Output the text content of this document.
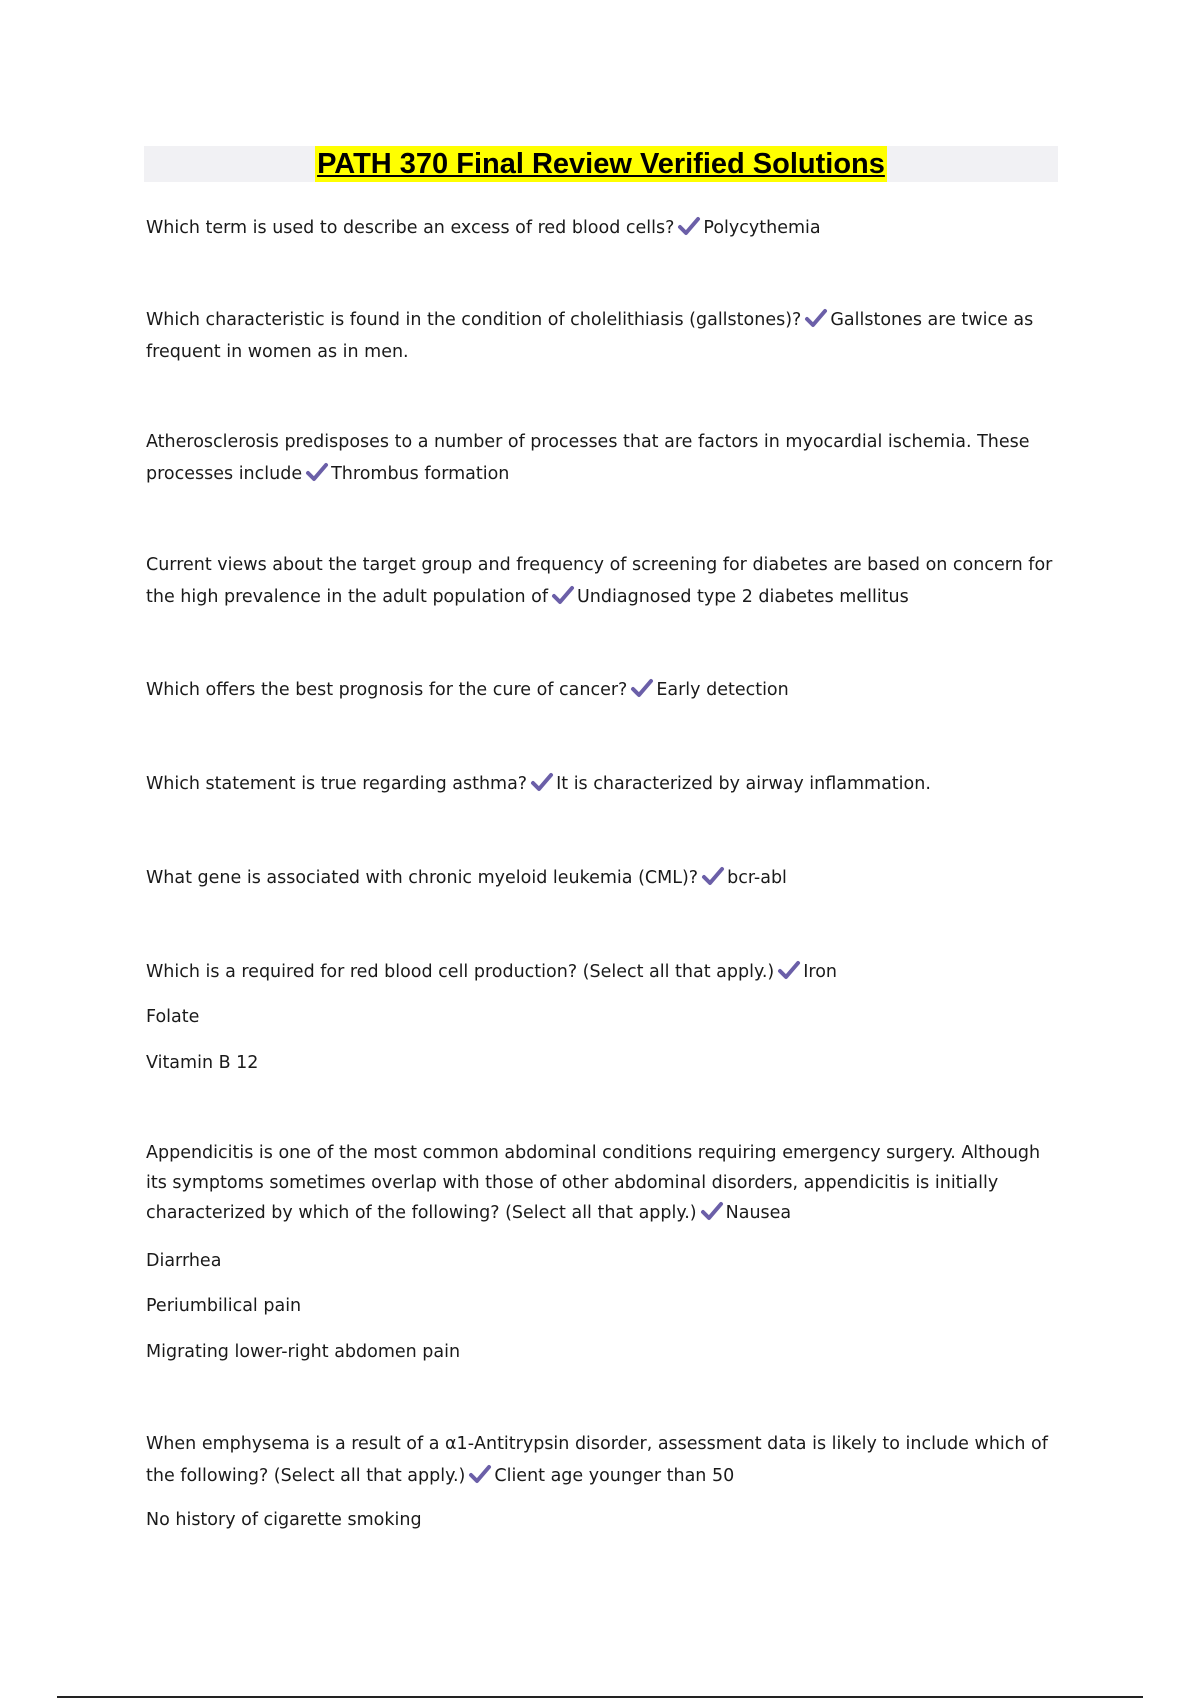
PATH 370 Final Review Verified Solutions

Which term is used to describe an excess of red blood cells? Polycythemia

Which characteristic is found in the condition of cholelithiasis (gallstones)? Gallstones are twice as frequent in women as in men.

Atherosclerosis predisposes to a number of processes that are factors in myocardial ischemia. These processes include Thrombus formation

Current views about the target group and frequency of screening for diabetes are based on concern for the high prevalence in the adult population of Undiagnosed type 2 diabetes mellitus

Which offers the best prognosis for the cure of cancer? Early detection

Which statement is true regarding asthma? It is characterized by airway inflammation.

What gene is associated with chronic myeloid leukemia (CML)? bcr-abl

Which is a required for red blood cell production? (Select all that apply.) Iron

Folate
Vitamin B 12

Appendicitis is one of the most common abdominal conditions requiring emergency surgery. Although its symptoms sometimes overlap with those of other abdominal disorders, appendicitis is initially characterized by which of the following? (Select all that apply.) Nausea

Diarrhea
Periumbilical pain
Migrating lower-right abdomen pain

When emphysema is a result of a α1-Antitrypsin disorder, assessment data is likely to include which of the following? (Select all that apply.) Client age younger than 50

No history of cigarette smoking
